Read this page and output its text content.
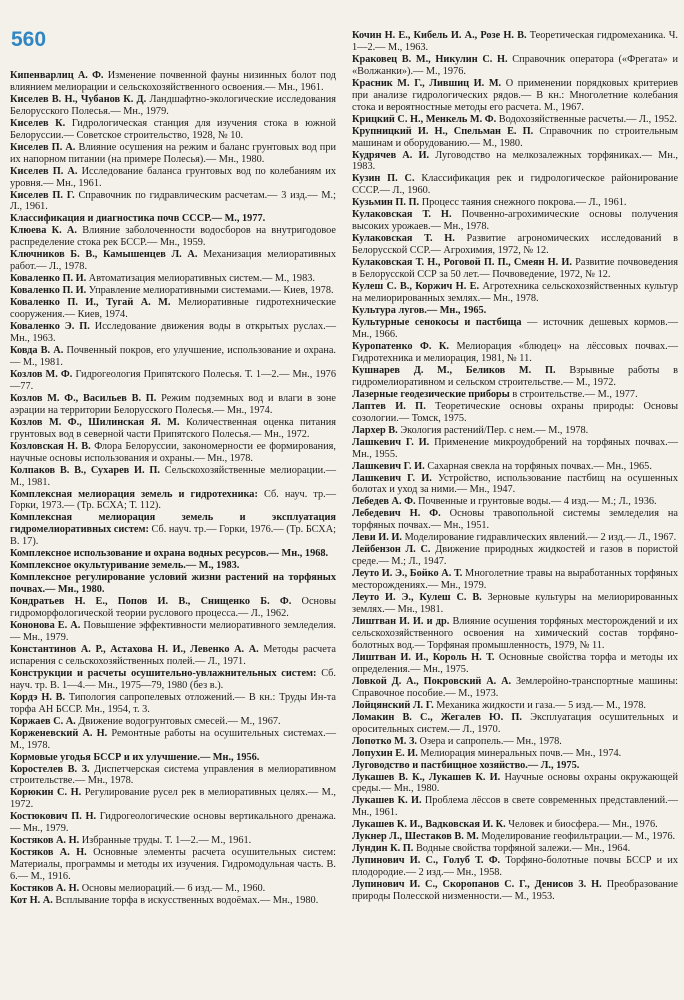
560
Кипенварлиц А. Ф. Изменение почвенной фауны низинных болот под влиянием мелиорации и сельскохозяйственного освоения.— Мн., 1961.
Киселев В. Н., Чубанов К. Д. Ландшафтно-экологические исследования Белорусского Полесья.— Мн., 1979.
Киселев К. Гидрологическая станция для изучения стока в южной Белоруссии.— Советское строительство, 1928, № 10.
Киселев П. А. Влияние осушения на режим и баланс грунтовых вод при их напорном питании (на примере Полесья).— Мн., 1980.
Киселев П. А. Исследование баланса грунтовых вод по колебаниям их уровня.— Мн., 1961.
Киселев П. Г. Справочник по гидравлическим расчетам.— 3 изд.— М.; Л., 1961.
Классификация и диагностика почв СССР.— М., 1977.
Клюева К. А. Влияние заболоченности водосборов на внутригодовое распределение стока рек БССР.— Мн., 1959.
Ключников Б. В., Камышенцев Л. А. Механизация мелиоративных работ.— Л., 1978.
Коваленко П. И. Автоматизация мелиоративных систем.— М., 1983.
Коваленко П. И. Управление мелиоративными системами.— Киев, 1978.
Коваленко П. И., Тугай А. М. Мелиоративные гидротехнические сооружения.— Киев, 1974.
Коваленко Э. П. Исследование движения воды в открытых руслах.— Мн., 1963.
Ковда В. А. Почвенный покров, его улучшение, использование и охрана.— М., 1981.
Козлов М. Ф. Гидрогеология Припятского Полесья. Т. 1—2.— Мн., 1976—77.
Козлов М. Ф., Васильев В. П. Режим подземных вод и влаги в зоне аэрации на территории Белорусского Полесья.— Мн., 1974.
Козлов М. Ф., Шилинская Я. М. Количественная оценка питания грунтовых вод в северной части Припятского Полесья.— Мн., 1972.
Козловская Н. В. Флора Белоруссии, закономерности ее формирования, научные основы использования и охраны.— Мн., 1978.
Колпаков В. В., Сухарев И. П. Сельскохозяйственные мелиорации.— М., 1981.
Комплексная мелиорация земель и гидротехника: Сб. науч. тр.— Горки, 1973.— (Тр. БСХА; Т. 112).
Комплексная мелиорация земель и эксплуатация гидромелиоративных систем: Сб. науч. тр.— Горки, 1976.— (Тр. БСХА; В. 17).
Комплексное использование и охрана водных ресурсов.— Мн., 1968.
Комплексное окультуривание земель.— М., 1983.
Комплексное регулирование условий жизни растений на торфяных почвах.— Мн., 1980.
Кондратьев Н. Е., Попов И. В., Снищенко Б. Ф. Основы гидроморфологической теории руслового процесса.— Л., 1962.
Кононова Е. А. Повышение эффективности мелиоративного земледелия.— Мн., 1979.
Константинов А. Р., Астахова Н. И., Левенко А. А. Методы расчета испарения с сельскохозяйственных полей.— Л., 1971.
Конструкции и расчеты осушительно-увлажнительных систем: Сб. науч. тр. В. 1—4.— Мн., 1975—79, 1980 (без в.).
Кордэ Н. В. Типология сапропелевых отложений.— В кн.: Труды Ин-та торфа АН БССР. Мн., 1954, т. 3.
Коржаев С. А. Движение водогрунтовых смесей.— М., 1967.
Корженевский А. Н. Ремонтные работы на осушительных системах.— М., 1978.
Кормовые угодья БССР и их улучшение.— Мн., 1956.
Коростелев В. З. Диспетчерская система управления в мелиоративном строительстве.— Мн., 1978.
Корюкин С. Н. Регулирование русел рек в мелиоративных целях.— М., 1972.
Костюкович П. Н. Гидрогеологические основы вертикального дренажа.— Мн., 1979.
Костяков А. Н. Избранные труды. Т. 1—2.— М., 1961.
Костяков А. Н. Основные элементы расчета осушительных систем: Материалы, программы и методы их изучения. Гидромодульная часть. В. 6.— М., 1916.
Костяков А. Н. Основы мелиораций.— 6 изд.— М., 1960.
Кот Н. А. Всплывание торфа в искусственных водоёмах.— Мн., 1980.
Кочин Н. Е., Кибель И. А., Розе Н. В. Теоретическая гидромеханика. Ч. 1—2.— М., 1963.
Краковец В. М., Никулин С. Н. Справочник оператора («Фрегата» и «Волжанки»).— М., 1976.
Красник М. Г., Лившиц И. М. О применении порядковых критериев при анализе гидрологических рядов.— В кн.: Многолетние колебания стока и вероятностные методы его расчета. М., 1967.
Крицкий С. Н., Менкель М. Ф. Водохозяйственные расчеты.— Л., 1952.
Крупницкий И. Н., Спельман Е. П. Справочник по строительным машинам и оборудованию.— М., 1980.
Кудрячев А. И. Луговодство на мелкозалежных торфяниках.— Мн., 1983.
Кузин П. С. Классификация рек и гидрологическое районирование СССР.— Л., 1960.
Кузьмин П. П. Процесс таяния снежного покрова.— Л., 1961.
Кулаковская Т. Н. Почвенно-агрохимические основы получения высоких урожаев.— Мн., 1978.
Кулаковская Т. Н. Развитие агрономических исследований в Белорусской ССР.— Агрохимия, 1972, № 12.
Кулаковская Т. Н., Роговой П. П., Смеян Н. И. Развитие почвоведения в Белорусской ССР за 50 лет.— Почвоведение, 1972, № 12.
Кулеш С. В., Коржич Н. Е. Агротехника сельскохозяйственных культур на мелиорированных землях.— Мн., 1978.
Культура лугов.— Мн., 1965.
Культурные сенокосы и пастбища — источник дешевых кормов.— Мн., 1966.
Куропатенко Ф. К. Мелиорация «блюдец» на лёссовых почвах.— Гидротехника и мелиорация, 1981, № 11.
Кушнарев Д. М., Беликов М. П. Взрывные работы в гидромелиоративном и сельском строительстве.— М., 1972.
Лазерные геодезические приборы в строительстве.— М., 1977.
Лаптев И. П. Теоретические основы охраны природы: Основы созологии.— Томск, 1975.
Лархер В. Экология растений/Пер. с нем.— М., 1978.
Лашкевич Г. И. Применение микроудобрений на торфяных почвах.— Мн., 1955.
Лашкевич Г. И. Сахарная свекла на торфяных почвах.— Мн., 1965.
Лашкевич Г. И. Устройство, использование пастбищ на осушенных болотах и уход за ними.— Мн., 1947.
Лебедев А. Ф. Почвенные и грунтовые воды.— 4 изд.— М.; Л., 1936.
Лебедевич Н. Ф. Основы травопольной системы земледелия на торфяных почвах.— Мн., 1951.
Леви И. И. Моделирование гидравлических явлений.— 2 изд.— Л., 1967.
Лейбензон Л. С. Движение природных жидкостей и газов в пористой среде.— М.; Л., 1947.
Леуто И. Э., Бойко А. Т. Многолетние травы на выработанных торфяных месторождениях.— Мн., 1979.
Леуто И. Э., Кулеш С. В. Зерновые культуры на мелиорированных землях.— Мн., 1981.
Лиштван И. И. и др. Влияние осушения торфяных месторождений и их сельскохозяйственного освоения на химический состав торфяно-болотных вод.— Торфяная промышленность, 1979, № 11.
Лиштван И. И., Король Н. Т. Основные свойства торфа и методы их определения.— Мн., 1975.
Ловкой Д. А., Покровский А. А. Землеройно-транспортные машины: Справочное пособие.— М., 1973.
Лойцянский Л. Г. Механика жидкости и газа.— 5 изд.— М., 1978.
Ломакин В. С., Жегалев Ю. П. Эксплуатация осушительных и оросительных систем.— Л., 1970.
Лопотко М. З. Озера и сапропель.— Мн., 1978.
Лопухин Е. И. Мелиорация минеральных почв.— Мн., 1974.
Луговодство и пастбищное хозяйство.— Л., 1975.
Лукашев В. К., Лукашев К. И. Научные основы охраны окружающей среды.— Мн., 1980.
Лукашев К. И. Проблема лёссов в свете современных представлений.— Мн., 1961.
Лукашев К. И., Вадковская И. К. Человек и биосфера.— Мн., 1976.
Лукнер Л., Шестаков В. М. Моделирование геофильтрации.— М., 1976.
Лундин К. П. Водные свойства торфяной залежи.— Мн., 1964.
Лупинович И. С., Голуб Т. Ф. Торфяно-болотные почвы БССР и их плодородие.— 2 изд.— Мн., 1958.
Лупинович И. С., Скоропанов С. Г., Денисов З. Н. Преобразование природы Полесской низменности.— М., 1953.
